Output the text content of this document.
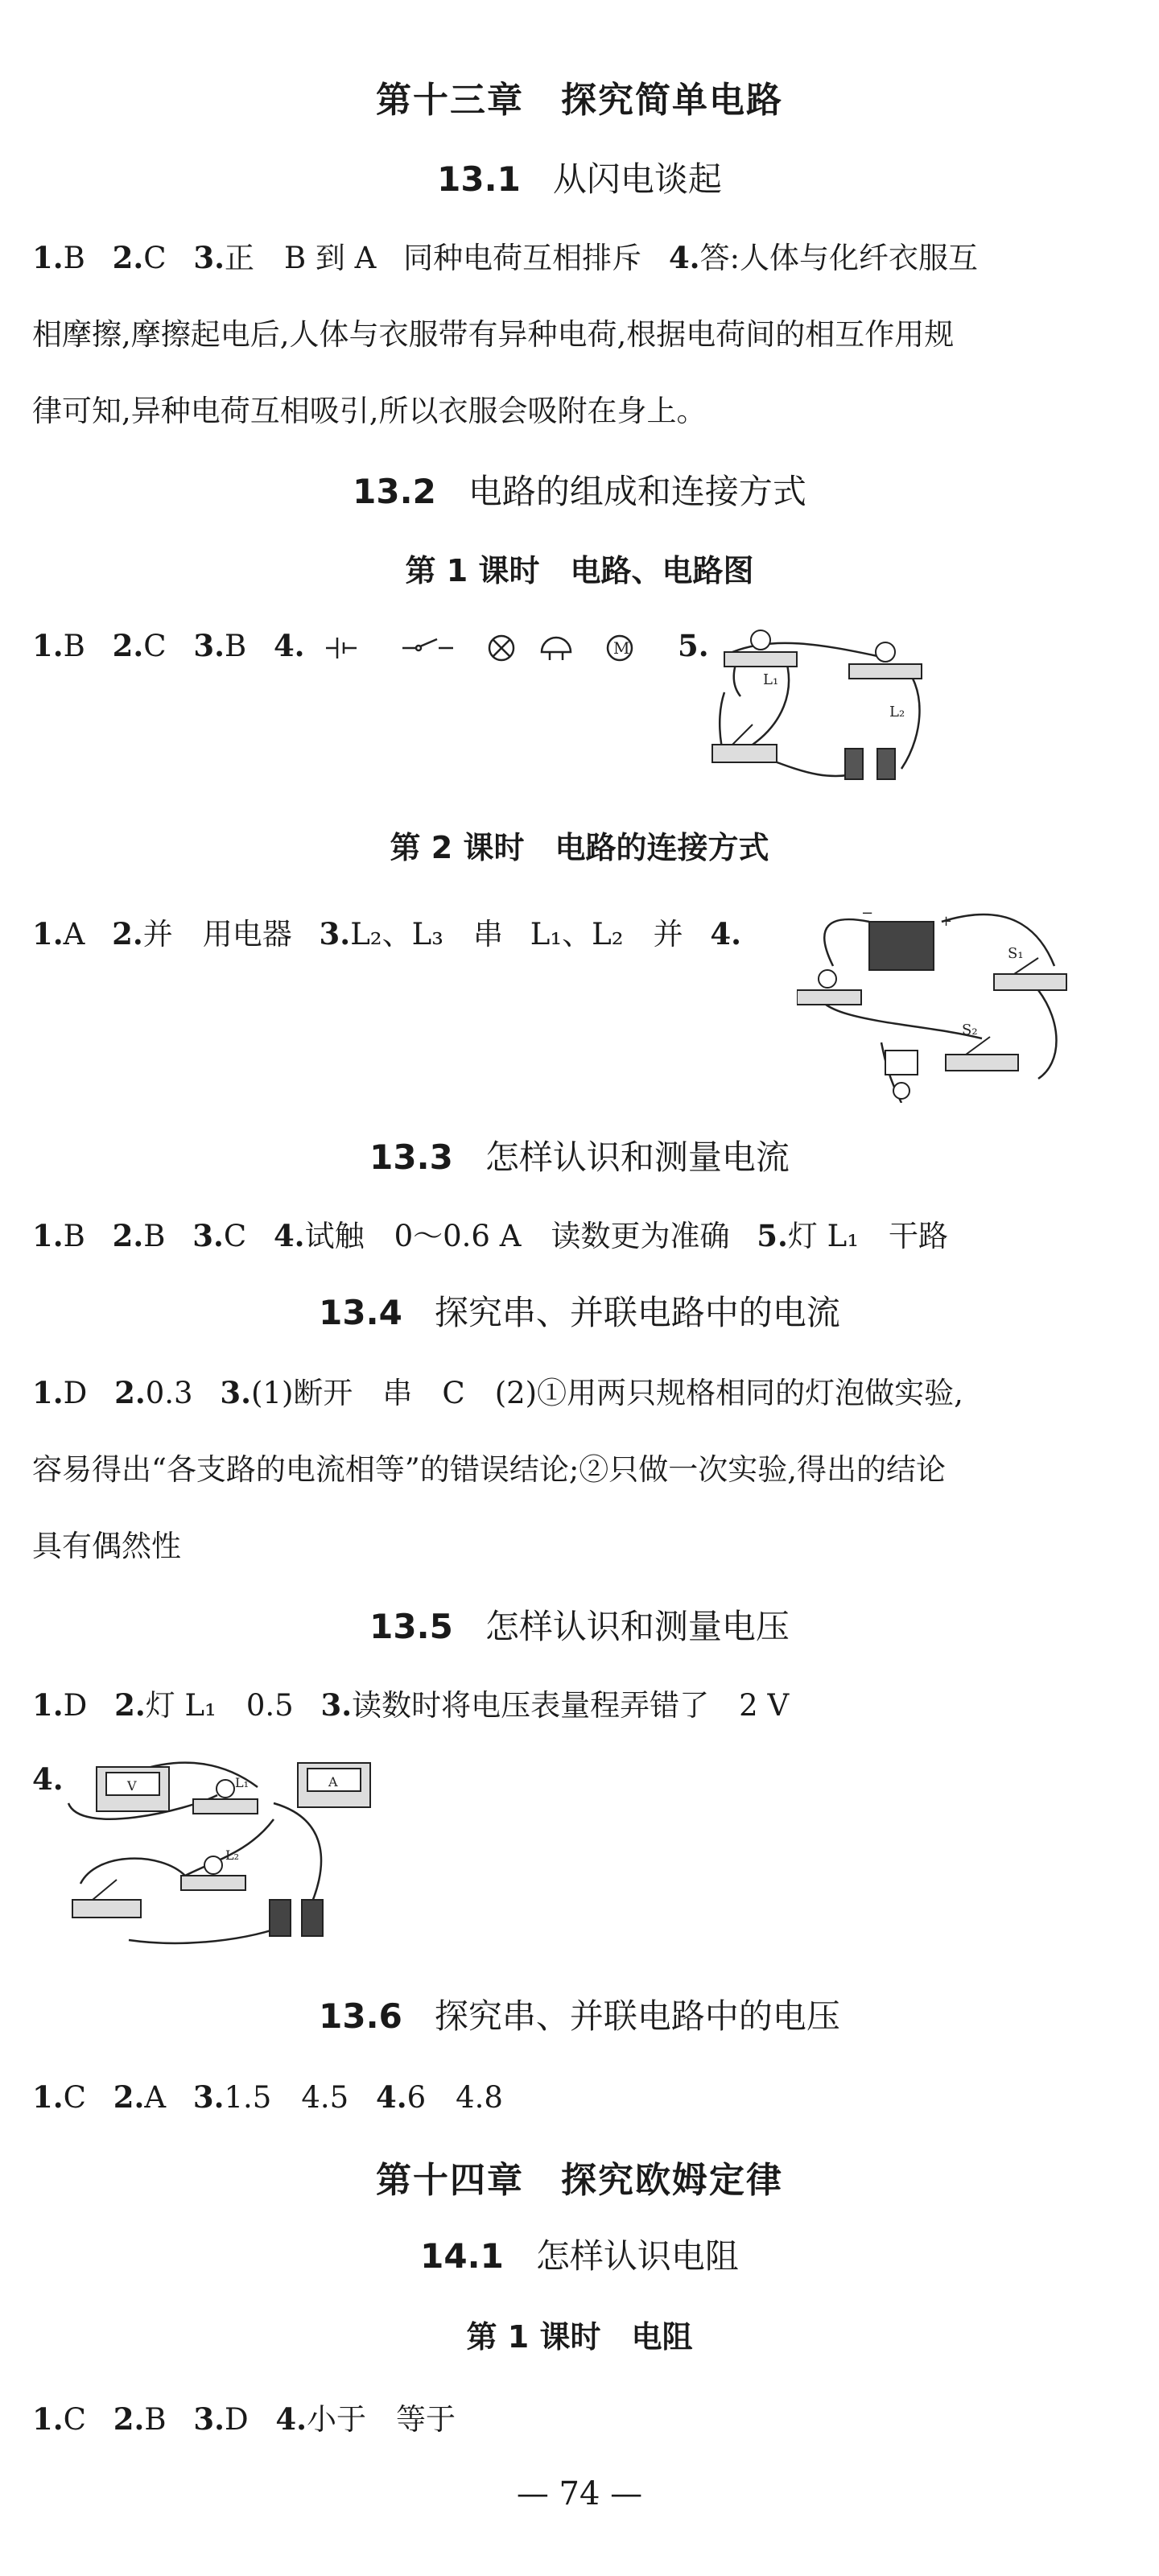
第十三章　探究简单电路
13.1 从闪电谈起
1.B 2.C 3.正　B 到 A 同种电荷互相排斥 4.答:人体与化纤衣服互
相摩擦,摩擦起电后,人体与衣服带有异种电荷,根据电荷间的相互作用规
律可知,异种电荷互相吸引,所以衣服会吸附在身上。
13.2 电路的组成和连接方式
第 1 课时　电路、电路图
1.B 2.C 3.B 4.	M 5.
L₁
L₂
第 2 课时　电路的连接方式
1.A 2.并　用电器 3.L₂、L₃　串 L₁、L₂　并 4.
−	+
S₁
S₂
13.3 怎样认识和测量电流
1.B 2.B 3.C 4.试触　0～0.6 A　读数更为准确 5.灯 L₁　干路
13.4 探究串、并联电路中的电流
1.D 2.0.3 3.(1)断开　串　C　(2)①用两只规格相同的灯泡做实验,
容易得出“各支路的电流相等”的错误结论;②只做一次实验,得出的结论
具有偶然性
13.5 怎样认识和测量电压
1.D 2.灯 L₁　0.5 3.读数时将电压表量程弄错了　2 V
4.	V	L₁	A
L₂
13.6 探究串、并联电路中的电压
1.C 2.A 3.1.5　4.5 4.6　4.8
第十四章　探究欧姆定律
14.1 怎样认识电阻
第 1 课时　电阻
1.C 2.B 3.D 4.小于　等于
— 74 —
